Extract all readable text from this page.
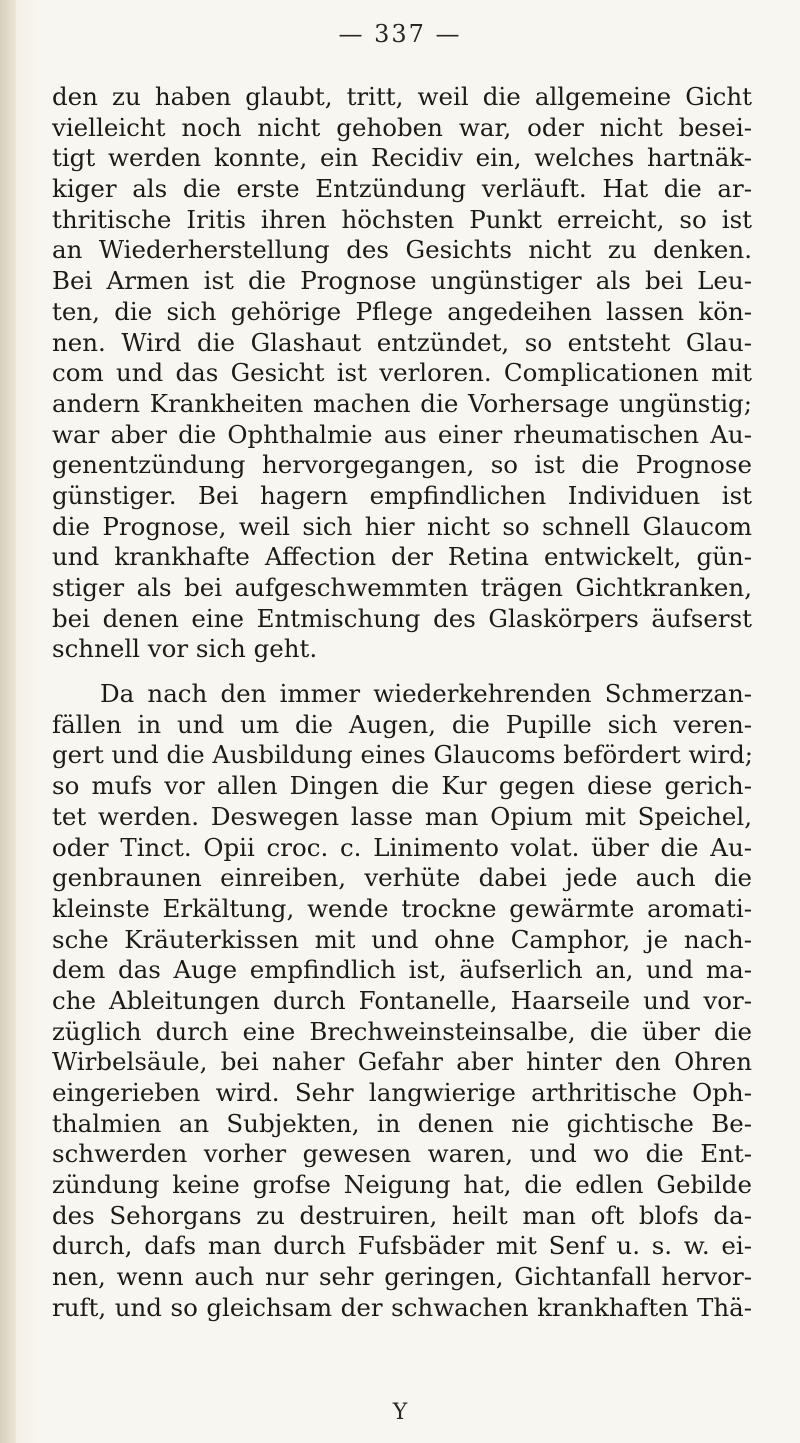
— 337 —
den zu haben glaubt, tritt, weil die allgemeine Gicht
vielleicht noch nicht gehoben war, oder nicht besei-
tigt werden konnte, ein Recidiv ein, welches hartnäk-
kiger als die erste Entzündung verläuft. Hat die ar-
thritische Iritis ihren höchsten Punkt erreicht, so ist
an Wiederherstellung des Gesichts nicht zu denken.
Bei Armen ist die Prognose ungünstiger als bei Leu-
ten, die sich gehörige Pflege angedeihen lassen kön-
nen. Wird die Glashaut entzündet, so entsteht Glau-
com und das Gesicht ist verloren. Complicationen mit
andern Krankheiten machen die Vorhersage ungünstig;
war aber die Ophthalmie aus einer rheumatischen Au-
genentzündung hervorgegangen, so ist die Prognose
günstiger. Bei hagern empfindlichen Individuen ist
die Prognose, weil sich hier nicht so schnell Glaucom
und krankhafte Affection der Retina entwickelt, gün-
stiger als bei aufgeschwemmten trägen Gichtkranken,
bei denen eine Entmischung des Glaskörpers äufserst
schnell vor sich geht.
Da nach den immer wiederkehrenden Schmerzan-
fällen in und um die Augen, die Pupille sich veren-
gert und die Ausbildung eines Glaucoms befördert wird;
so mufs vor allen Dingen die Kur gegen diese gerich-
tet werden. Deswegen lasse man Opium mit Speichel,
oder Tinct. Opii croc. c. Linimento volat. über die Au-
genbraunen einreiben, verhüte dabei jede auch die
kleinste Erkältung, wende trockne gewärmte aromati-
sche Kräuterkissen mit und ohne Camphor, je nach-
dem das Auge empfindlich ist, äufserlich an, und ma-
che Ableitungen durch Fontanelle, Haarseile und vor-
züglich durch eine Brechweinsteinsalbe, die über die
Wirbelsäule, bei naher Gefahr aber hinter den Ohren
eingerieben wird. Sehr langwierige arthritische Oph-
thalmien an Subjekten, in denen nie gichtische Be-
schwerden vorher gewesen waren, und wo die Ent-
zündung keine grofse Neigung hat, die edlen Gebilde
des Sehorgans zu destruiren, heilt man oft blofs da-
durch, dafs man durch Fufsbäder mit Senf u. s. w. ei-
nen, wenn auch nur sehr geringen, Gichtanfall hervor-
ruft, und so gleichsam der schwachen krankhaften Thä-
Y
